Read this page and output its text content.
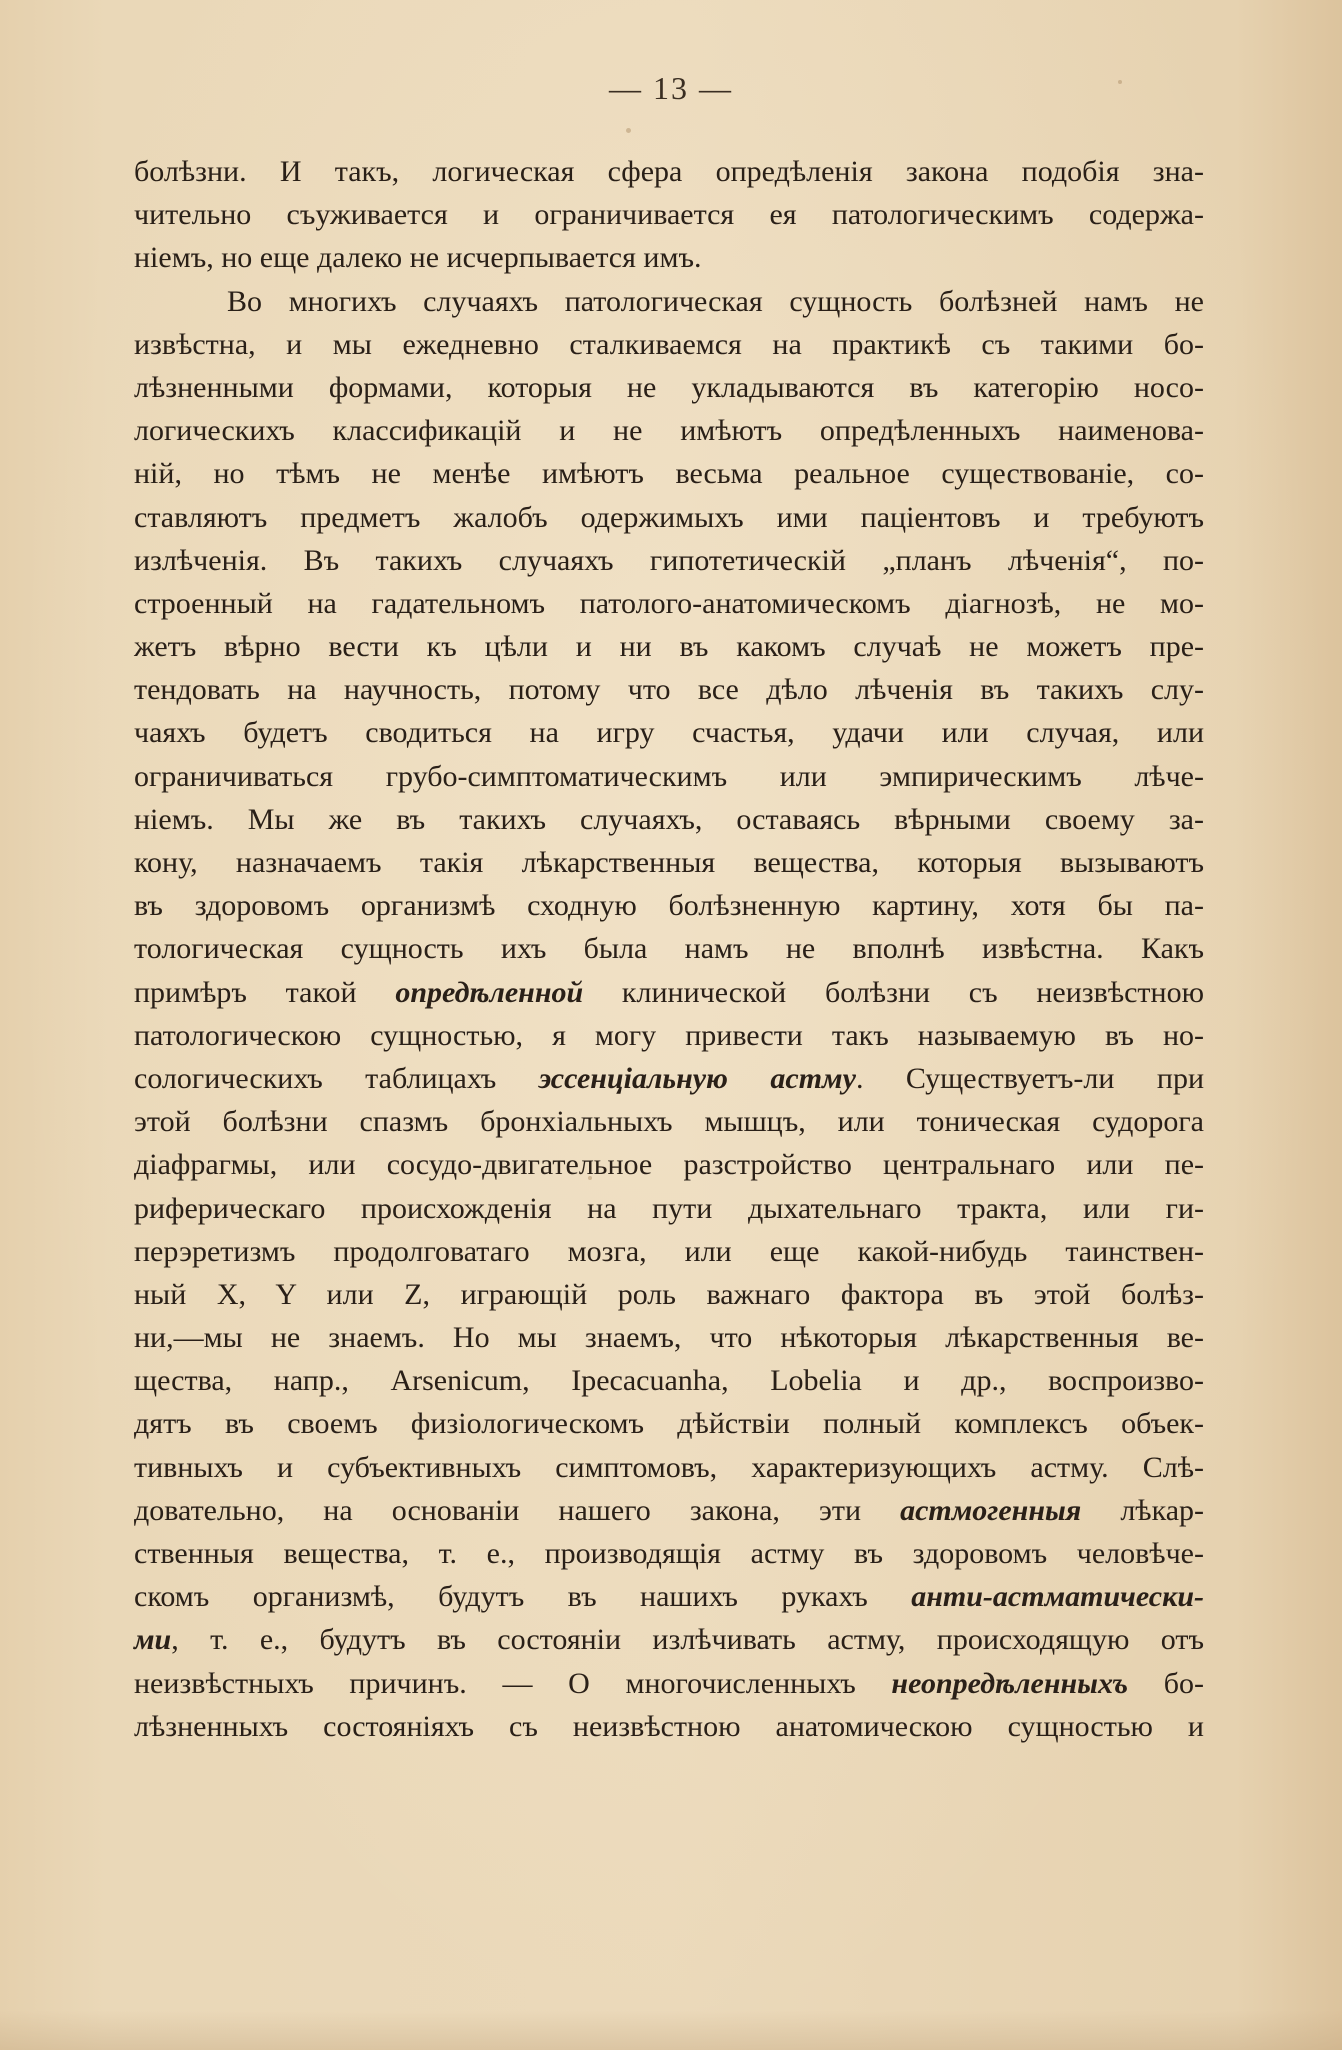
— 13 —
болѣзни. И такъ, логическая сфера опредѣленія закона подобія зна-
чительно съуживается и ограничивается ея патологическимъ содержа-
ніемъ, но еще далеко не исчерпывается имъ.
Во многихъ случаяхъ патологическая сущность болѣзней намъ не
извѣстна, и мы ежедневно сталкиваемся на практикѣ съ такими бо-
лѣзненными формами, которыя не укладываются въ категорію носо-
логическихъ классификацій и не имѣютъ опредѣленныхъ наименова-
ній, но тѣмъ не менѣе имѣютъ весьма реальное существованіе, со-
ставляютъ предметъ жалобъ одержимыхъ ими паціентовъ и требуютъ
излѣченія. Въ такихъ случаяхъ гипотетическій „планъ лѣченія“, по-
строенный на гадательномъ патолого-анатомическомъ діагнозѣ, не мо-
жетъ вѣрно вести къ цѣли и ни въ какомъ случаѣ не можетъ пре-
тендовать на научность, потому что все дѣло лѣченія въ такихъ слу-
чаяхъ будетъ сводиться на игру счастья, удачи или случая, или
ограничиваться грубо-симптоматическимъ или эмпирическимъ лѣче-
ніемъ. Мы же въ такихъ случаяхъ, оставаясь вѣрными своему за-
кону, назначаемъ такія лѣкарственныя вещества, которыя вызываютъ
въ здоровомъ организмѣ сходную болѣзненную картину, хотя бы па-
тологическая сущность ихъ была намъ не вполнѣ извѣстна. Какъ
примѣръ такой опредѣленной клинической болѣзни съ неизвѣстною
патологическою сущностью, я могу привести такъ называемую въ но-
сологическихъ таблицахъ эссенціальную астму. Существуетъ-ли при
этой болѣзни спазмъ бронхіальныхъ мышцъ, или тоническая судорога
діафрагмы, или сосудо-двигательное разстройство центральнаго или пе-
риферическаго происхожденія на пути дыхательнаго тракта, или ги-
перэретизмъ продолговатаго мозга, или еще какой-нибудь таинствен-
ный X, Y или Z, играющій роль важнаго фактора въ этой болѣз-
ни,—мы не знаемъ. Но мы знаемъ, что нѣкоторыя лѣкарственныя ве-
щества, напр., Arsenicum, Ipecacuanha, Lobelia и др., воспроизво-
дятъ въ своемъ физіологическомъ дѣйствіи полный комплексъ объек-
тивныхъ и субъективныхъ симптомовъ, характеризующихъ астму. Слѣ-
довательно, на основаніи нашего закона, эти астмогенныя лѣкар-
ственныя вещества, т. е., производящія астму въ здоровомъ человѣче-
скомъ организмѣ, будутъ въ нашихъ рукахъ анти-астматически-
ми, т. е., будутъ въ состояніи излѣчивать астму, происходящую отъ
неизвѣстныхъ причинъ. — О многочисленныхъ неопредѣленныхъ бо-
лѣзненныхъ состояніяхъ съ неизвѣстною анатомическою сущностью и
